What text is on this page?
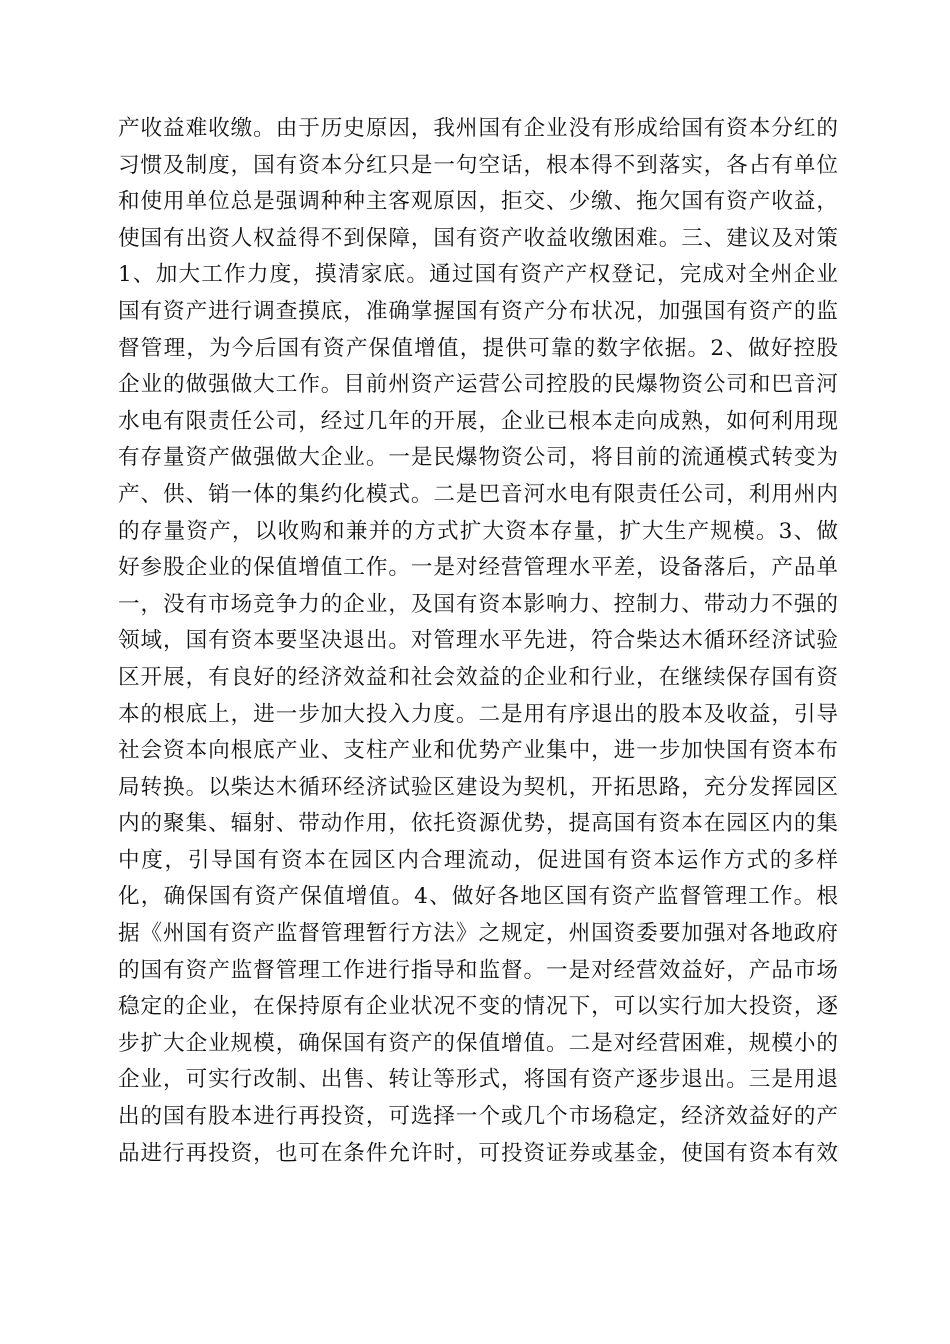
产收益难收缴。由于历史原因，我州国有企业没有形成给国有资本分红的
习惯及制度，国有资本分红只是一句空话，根本得不到落实，各占有单位
和使用单位总是强调种种主客观原因，拒交、少缴、拖欠国有资产收益，
使国有出资人权益得不到保障，国有资产收益收缴困难。三、建议及对策
1、加大工作力度，摸清家底。通过国有资产产权登记，完成对全州企业
国有资产进行调查摸底，准确掌握国有资产分布状况，加强国有资产的监
督管理，为今后国有资产保值增值，提供可靠的数字依据。2、做好控股
企业的做强做大工作。目前州资产运营公司控股的民爆物资公司和巴音河
水电有限责任公司，经过几年的开展，企业已根本走向成熟，如何利用现
有存量资产做强做大企业。一是民爆物资公司，将目前的流通模式转变为
产、供、销一体的集约化模式。二是巴音河水电有限责任公司，利用州内
的存量资产，以收购和兼并的方式扩大资本存量，扩大生产规模。3、做
好参股企业的保值增值工作。一是对经营管理水平差，设备落后，产品单
一，没有市场竞争力的企业，及国有资本影响力、控制力、带动力不强的
领域，国有资本要坚决退出。对管理水平先进，符合柴达木循环经济试验
区开展，有良好的经济效益和社会效益的企业和行业，在继续保存国有资
本的根底上，进一步加大投入力度。二是用有序退出的股本及收益，引导
社会资本向根底产业、支柱产业和优势产业集中，进一步加快国有资本布
局转换。以柴达木循环经济试验区建设为契机，开拓思路，充分发挥园区
内的聚集、辐射、带动作用，依托资源优势，提高国有资本在园区内的集
中度，引导国有资本在园区内合理流动，促进国有资本运作方式的多样
化，确保国有资产保值增值。4、做好各地区国有资产监督管理工作。根
据《州国有资产监督管理暂行方法》之规定，州国资委要加强对各地政府
的国有资产监督管理工作进行指导和监督。一是对经营效益好，产品市场
稳定的企业，在保持原有企业状况不变的情况下，可以实行加大投资，逐
步扩大企业规模，确保国有资产的保值增值。二是对经营困难，规模小的
企业，可实行改制、出售、转让等形式，将国有资产逐步退出。三是用退
出的国有股本进行再投资，可选择一个或几个市场稳定，经济效益好的产
品进行再投资，也可在条件允许时，可投资证券或基金，使国有资本有效
